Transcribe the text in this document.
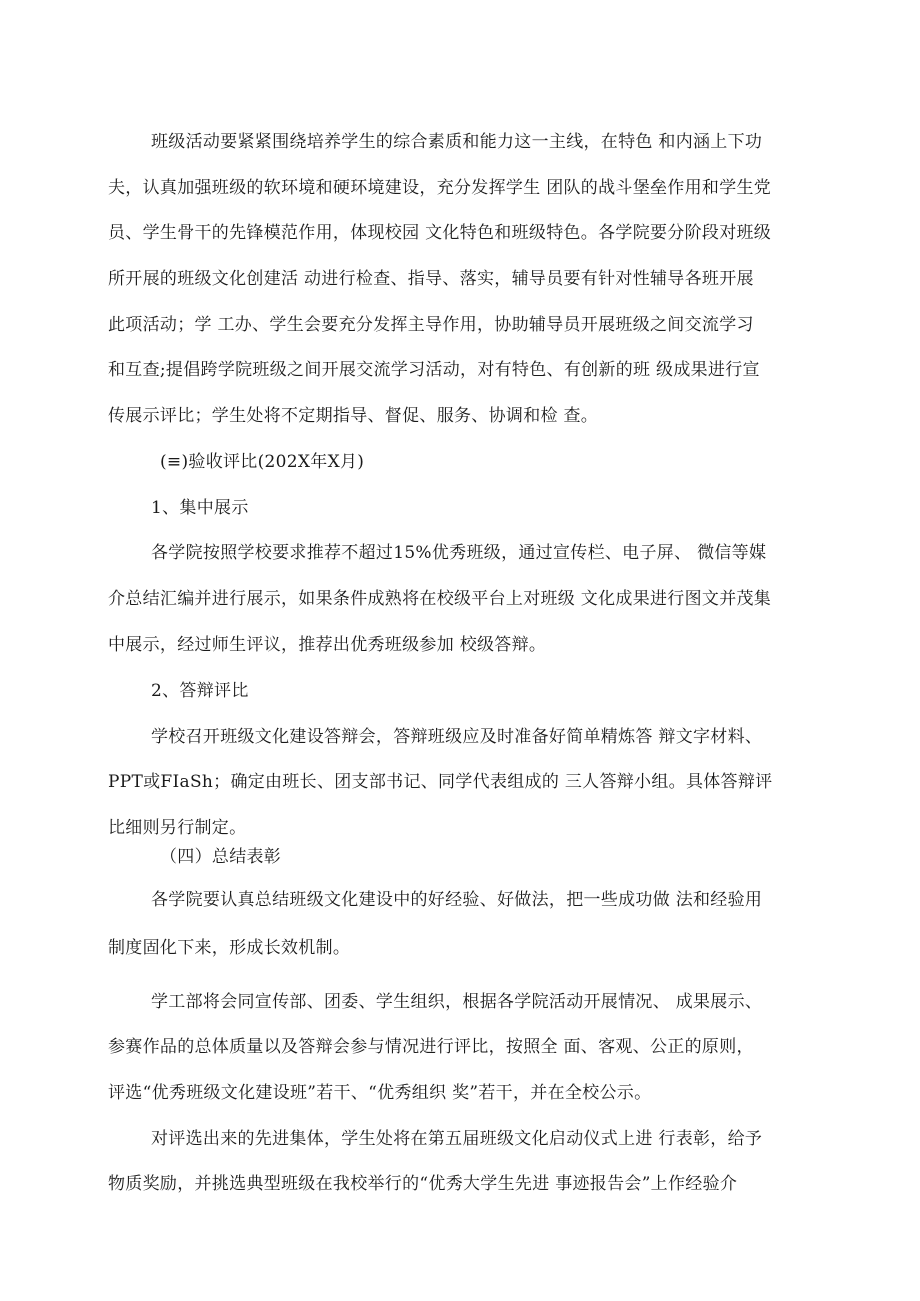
班级活动要紧紧围绕培养学生的综合素质和能力这一主线，在特色 和内涵上下功
夫，认真加强班级的软环境和硬环境建设，充分发挥学生 团队的战斗堡垒作用和学生党
员、学生骨干的先锋模范作用，体现校园 文化特色和班级特色。各学院要分阶段对班级
所开展的班级文化创建活 动进行检查、指导、落实，辅导员要有针对性辅导各班开展
此项活动；学 工办、学生会要充分发挥主导作用，协助辅导员开展班级之间交流学习
和互查;提倡跨学院班级之间开展交流学习活动，对有特色、有创新的班 级成果进行宣
传展示评比；学生处将不定期指导、督促、服务、协调和检 查。
(≡)验收评比(202X年X月)
1、集中展示
各学院按照学校要求推荐不超过15%优秀班级，通过宣传栏、电子屏、 微信等媒
介总结汇编并进行展示，如果条件成熟将在校级平台上对班级 文化成果进行图文并茂集
中展示，经过师生评议，推荐出优秀班级参加 校级答辩。
2、答辩评比
学校召开班级文化建设答辩会，答辩班级应及时准备好简单精炼答 辩文字材料、
PPT或FIaSh；确定由班长、团支部书记、同学代表组成的 三人答辩小组。具体答辩评
比细则另行制定。
（四）总结表彰
各学院要认真总结班级文化建设中的好经验、好做法，把一些成功做 法和经验用
制度固化下来，形成长效机制。
学工部将会同宣传部、团委、学生组织，根据各学院活动开展情况、 成果展示、
参赛作品的总体质量以及答辩会参与情况进行评比，按照全 面、客观、公正的原则，
评选“优秀班级文化建设班”若干、“优秀组织 奖”若干，并在全校公示。
对评选出来的先进集体，学生处将在第五届班级文化启动仪式上进 行表彰，给予
物质奖励，并挑选典型班级在我校举行的“优秀大学生先进 事迹报告会”上作经验介
